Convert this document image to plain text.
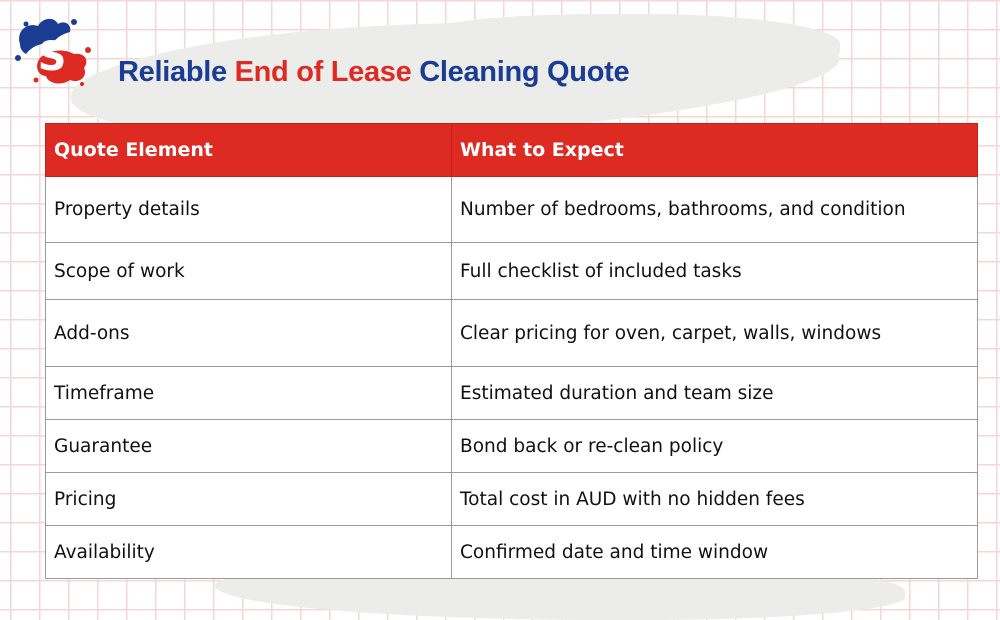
S Reliable End of Lease Cleaning Quote
Quote Element	What to Expect
Property details	Number of bedrooms, bathrooms, and condition
Scope of work	Full checklist of included tasks
Add-ons	Clear pricing for oven, carpet, walls, windows
Timeframe	Estimated duration and team size
Guarantee	Bond back or re-clean policy
Pricing	Total cost in AUD with no hidden fees
Availability	Confirmed date and time window
